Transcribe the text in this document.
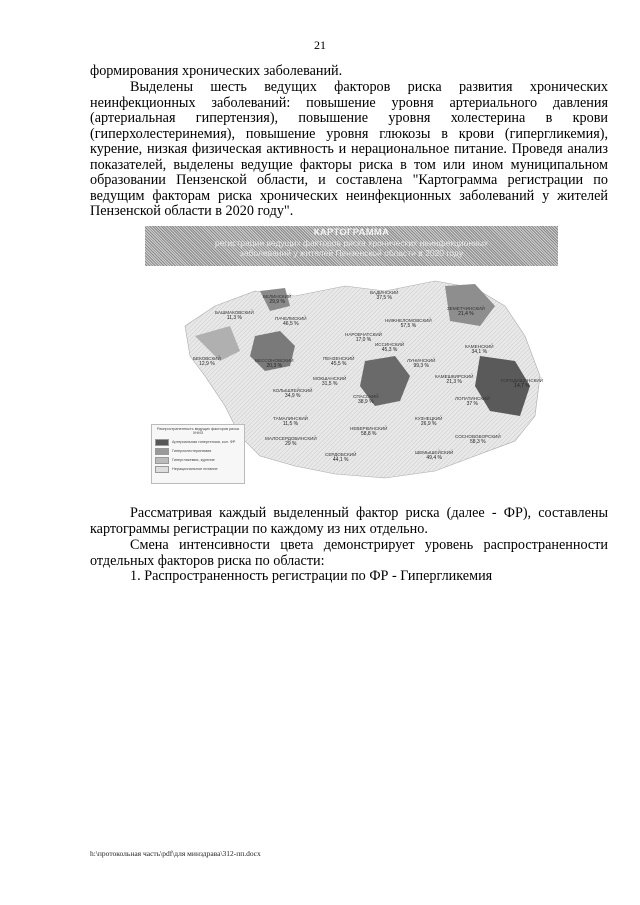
21

формирования хронических заболеваний.

Выделены шесть ведущих факторов риска развития хронических неинфекционных заболеваний: повышение уровня артериального давления (артериальная гипертензия), повышение уровня холестерина в крови (гиперхолестеринемия), повышение уровня глюкозы в крови (гипергликемия), курение, низкая физическая активность и нерациональное питание. Проведя анализ показателей, выделены ведущие факторы риска в том или ином муниципальном образовании Пензенской области, и составлена "Картограмма регистрации по ведущим факторам риска хронических неинфекционных заболеваний у жителей Пензенской области в 2020 году".

КАРТОГРАММА
регистрации ведущих факторов риска хронических неинфекционных
заболеваний у жителей Пензенской области в 2020 году
БЕЛИНСКИЙ
29,9 %
ВАДИНСКИЙ
37,5 %
ЗЕМЕТЧИНСКИЙ
21,4 %
БАШМАКОВСКИЙ
11,3 %	ПАЧЕЛМСКИЙ
46,5 %	НИЖНЕЛОМОВСКИЙ
57,5 %
НАРОВЧАТСКИЙ
17,0 %
КАМЕНСКИЙ
34,1 %
БЕКОВСКИЙ
12,9 %	БЕССОНОВСКИЙ
20,3 %
МОКШАНСКИЙ
31,5 %
ИССИНСКИЙ
45,3 %
ЛУНИНСКИЙ
99,3 %
КАМЕШКИРСКИЙ
21,3 %	ГОРОДИЩЕНСКИЙ
14,7 %
ЛОПАТИНСКИЙ
37 %
КОЛЫШЛЕЙСКИЙ
34,9 %
КУЗНЕЦКИЙ
26,9 %
ТАМАЛИНСКИЙ
11,5 %
МАЛОСЕРДОБИНСКИЙ
29 %
СЕРДОБСКИЙ
44,1 %
НЕВЕРКИНСКИЙ
58,8 %
ШЕМЫШЕЙСКИЙ
49,4 %
СОСНОВОБОРСКИЙ
58,3 %
ПЕНЗЕНСКИЙ
45,5 %
СПАССКИЙ
38,9 %
Распространенность ведущих факторов риска ХНИЗ
Артериальная гипертензия, кол. ФР
Гиперхолестеринемия
Гипергликемия, курение
Нерациональное питание

Рассматривая каждый выделенный фактор риска (далее - ФР), составлены картограммы регистрации по каждому из них отдельно.

Смена интенсивности цвета демонстрирует уровень распространенности отдельных факторов риска по области:

1. Распространенность регистрации по ФР - Гипергликемия

h:\протокольная часть\pdf\для минздрава\312-пп.docx
